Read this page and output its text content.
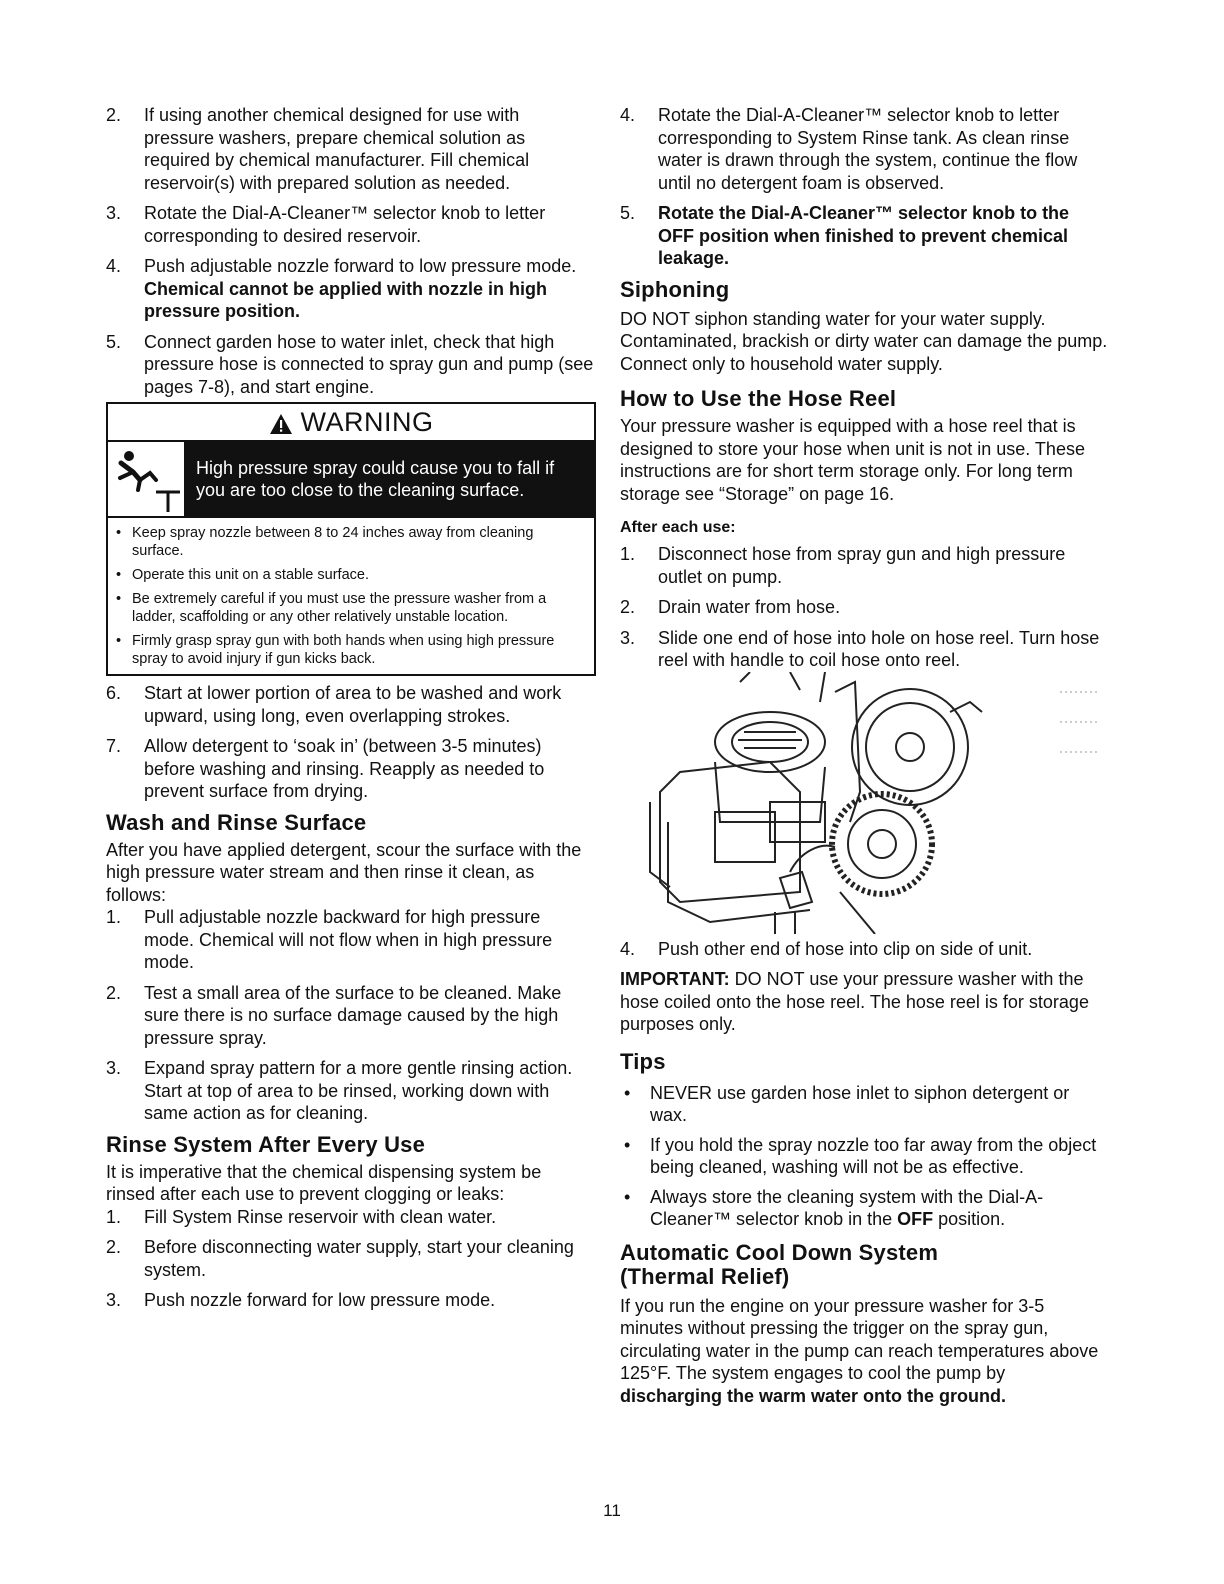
2. If using another chemical designed for use with pressure washers, prepare chemical solution as required by chemical manufacturer. Fill chemical reservoir(s) with prepared solution as needed.
3. Rotate the Dial-A-Cleaner™ selector knob to letter corresponding to desired reservoir.
4. Push adjustable nozzle forward to low pressure mode. Chemical cannot be applied with nozzle in high pressure position.
5. Connect garden hose to water inlet, check that high pressure hose is connected to spray gun and pump (see pages 7-8), and start engine.
WARNING
High pressure spray could cause you to fall if you are too close to the cleaning surface.
• Keep spray nozzle between 8 to 24 inches away from cleaning surface.
• Operate this unit on a stable surface.
• Be extremely careful if you must use the pressure washer from a ladder, scaffolding or any other relatively unstable location.
• Firmly grasp spray gun with both hands when using high pressure spray to avoid injury if gun kicks back.
6. Start at lower portion of area to be washed and work upward, using long, even overlapping strokes.
7. Allow detergent to ‘soak in’ (between 3-5 minutes) before washing and rinsing. Reapply as needed to prevent surface from drying.
Wash and Rinse Surface

After you have applied detergent, scour the surface with the high pressure water stream and then rinse it clean, as follows:

1. Pull adjustable nozzle backward for high pressure mode. Chemical will not flow when in high pressure mode.
2. Test a small area of the surface to be cleaned. Make sure there is no surface damage caused by the high pressure spray.
3. Expand spray pattern for a more gentle rinsing action. Start at top of area to be rinsed, working down with same action as for cleaning.
Rinse System After Every Use

It is imperative that the chemical dispensing system be rinsed after each use to prevent clogging or leaks:

1. Fill System Rinse reservoir with clean water.
2. Before disconnecting water supply, start your cleaning system.
3. Push nozzle forward for low pressure mode.
4. Rotate the Dial-A-Cleaner™ selector knob to letter corresponding to System Rinse tank. As clean rinse water is drawn through the system, continue the flow until no detergent foam is observed.
5. Rotate the Dial-A-Cleaner™ selector knob to the OFF position when finished to prevent chemical leakage.
Siphoning

DO NOT siphon standing water for your water supply. Contaminated, brackish or dirty water can damage the pump. Connect only to household water supply.

How to Use the Hose Reel

Your pressure washer is equipped with a hose reel that is designed to store your hose when unit is not in use. These instructions are for short term storage only. For long term storage see “Storage” on page 16.

After each use:
1. Disconnect hose from spray gun and high pressure outlet on pump.
2. Drain water from hose.
3. Slide one end of hose into hole on hose reel. Turn hose reel with handle to coil hose onto reel.
4. Push other end of hose into clip on side of unit.

IMPORTANT: DO NOT use your pressure washer with the hose coiled onto the hose reel. The hose reel is for storage purposes only.

Tips
• NEVER use garden hose inlet to siphon detergent or wax.
• If you hold the spray nozzle too far away from the object being cleaned, washing will not be as effective.
• Always store the cleaning system with the Dial-A-Cleaner™ selector knob in the OFF position.
Automatic Cool Down System
(Thermal Relief)

If you run the engine on your pressure washer for 3-5 minutes without pressing the trigger on the spray gun, circulating water in the pump can reach temperatures above 125°F. The system engages to cool the pump by discharging the warm water onto the ground.

11
